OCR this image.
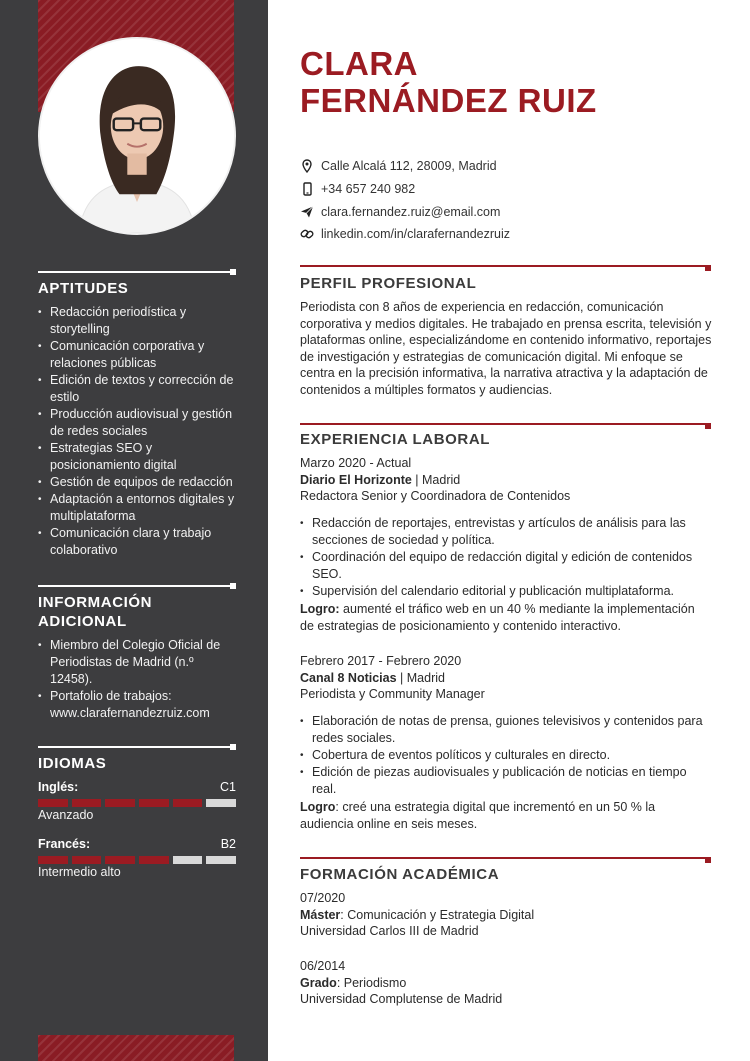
APTITUDES
• Redacción periodística y storytelling
• Comunicación corporativa y relaciones públicas
• Edición de textos y corrección de estilo
• Producción audiovisual y gestión de redes sociales
• Estrategias SEO y posicionamiento digital
• Gestión de equipos de redacción
• Adaptación a entornos digitales y multiplataforma
• Comunicación clara y trabajo colaborativo
INFORMACIÓN ADICIONAL
• Miembro del Colegio Oficial de Periodistas de Madrid (n.º 12458).
• Portafolio de trabajos: www.clarafernandezruiz.com
IDIOMAS
Inglés:	C1
Avanzado
Francés:	B2
Intermedio alto
CLARA
FERNÁNDEZ RUIZ
Calle Alcalá 112, 28009, Madrid
+34 657 240 982
clara.fernandez.ruiz@email.com
linkedin.com/in/clarafernandezruiz
PERFIL PROFESIONAL
Periodista con 8 años de experiencia en redacción, comunicación corporativa y medios digitales. He trabajado en prensa escrita, televisión y plataformas online, especializándome en contenido informativo, reportajes de investigación y estrategias de comunicación digital. Mi enfoque se centra en la precisión informativa, la narrativa atractiva y la adaptación de contenidos a múltiples formatos y audiencias.
EXPERIENCIA LABORAL
Marzo 2020 - Actual
Diario El Horizonte | Madrid
Redactora Senior y Coordinadora de Contenidos
• Redacción de reportajes, entrevistas y artículos de análisis para las secciones de sociedad y política.
• Coordinación del equipo de redacción digital y edición de contenidos SEO.
• Supervisión del calendario editorial y publicación multiplataforma.
Logro: aumenté el tráfico web en un 40 % mediante la implementación de estrategias de posicionamiento y contenido interactivo.
Febrero 2017 - Febrero 2020
Canal 8 Noticias | Madrid
Periodista y Community Manager
• Elaboración de notas de prensa, guiones televisivos y contenidos para redes sociales.
• Cobertura de eventos políticos y culturales en directo.
• Edición de piezas audiovisuales y publicación de noticias en tiempo real.
Logro: creé una estrategia digital que incrementó en un 50 % la audiencia online en seis meses.
FORMACIÓN ACADÉMICA
07/2020
Máster: Comunicación y Estrategia Digital
Universidad Carlos III de Madrid
06/2014
Grado: Periodismo
Universidad Complutense de Madrid
